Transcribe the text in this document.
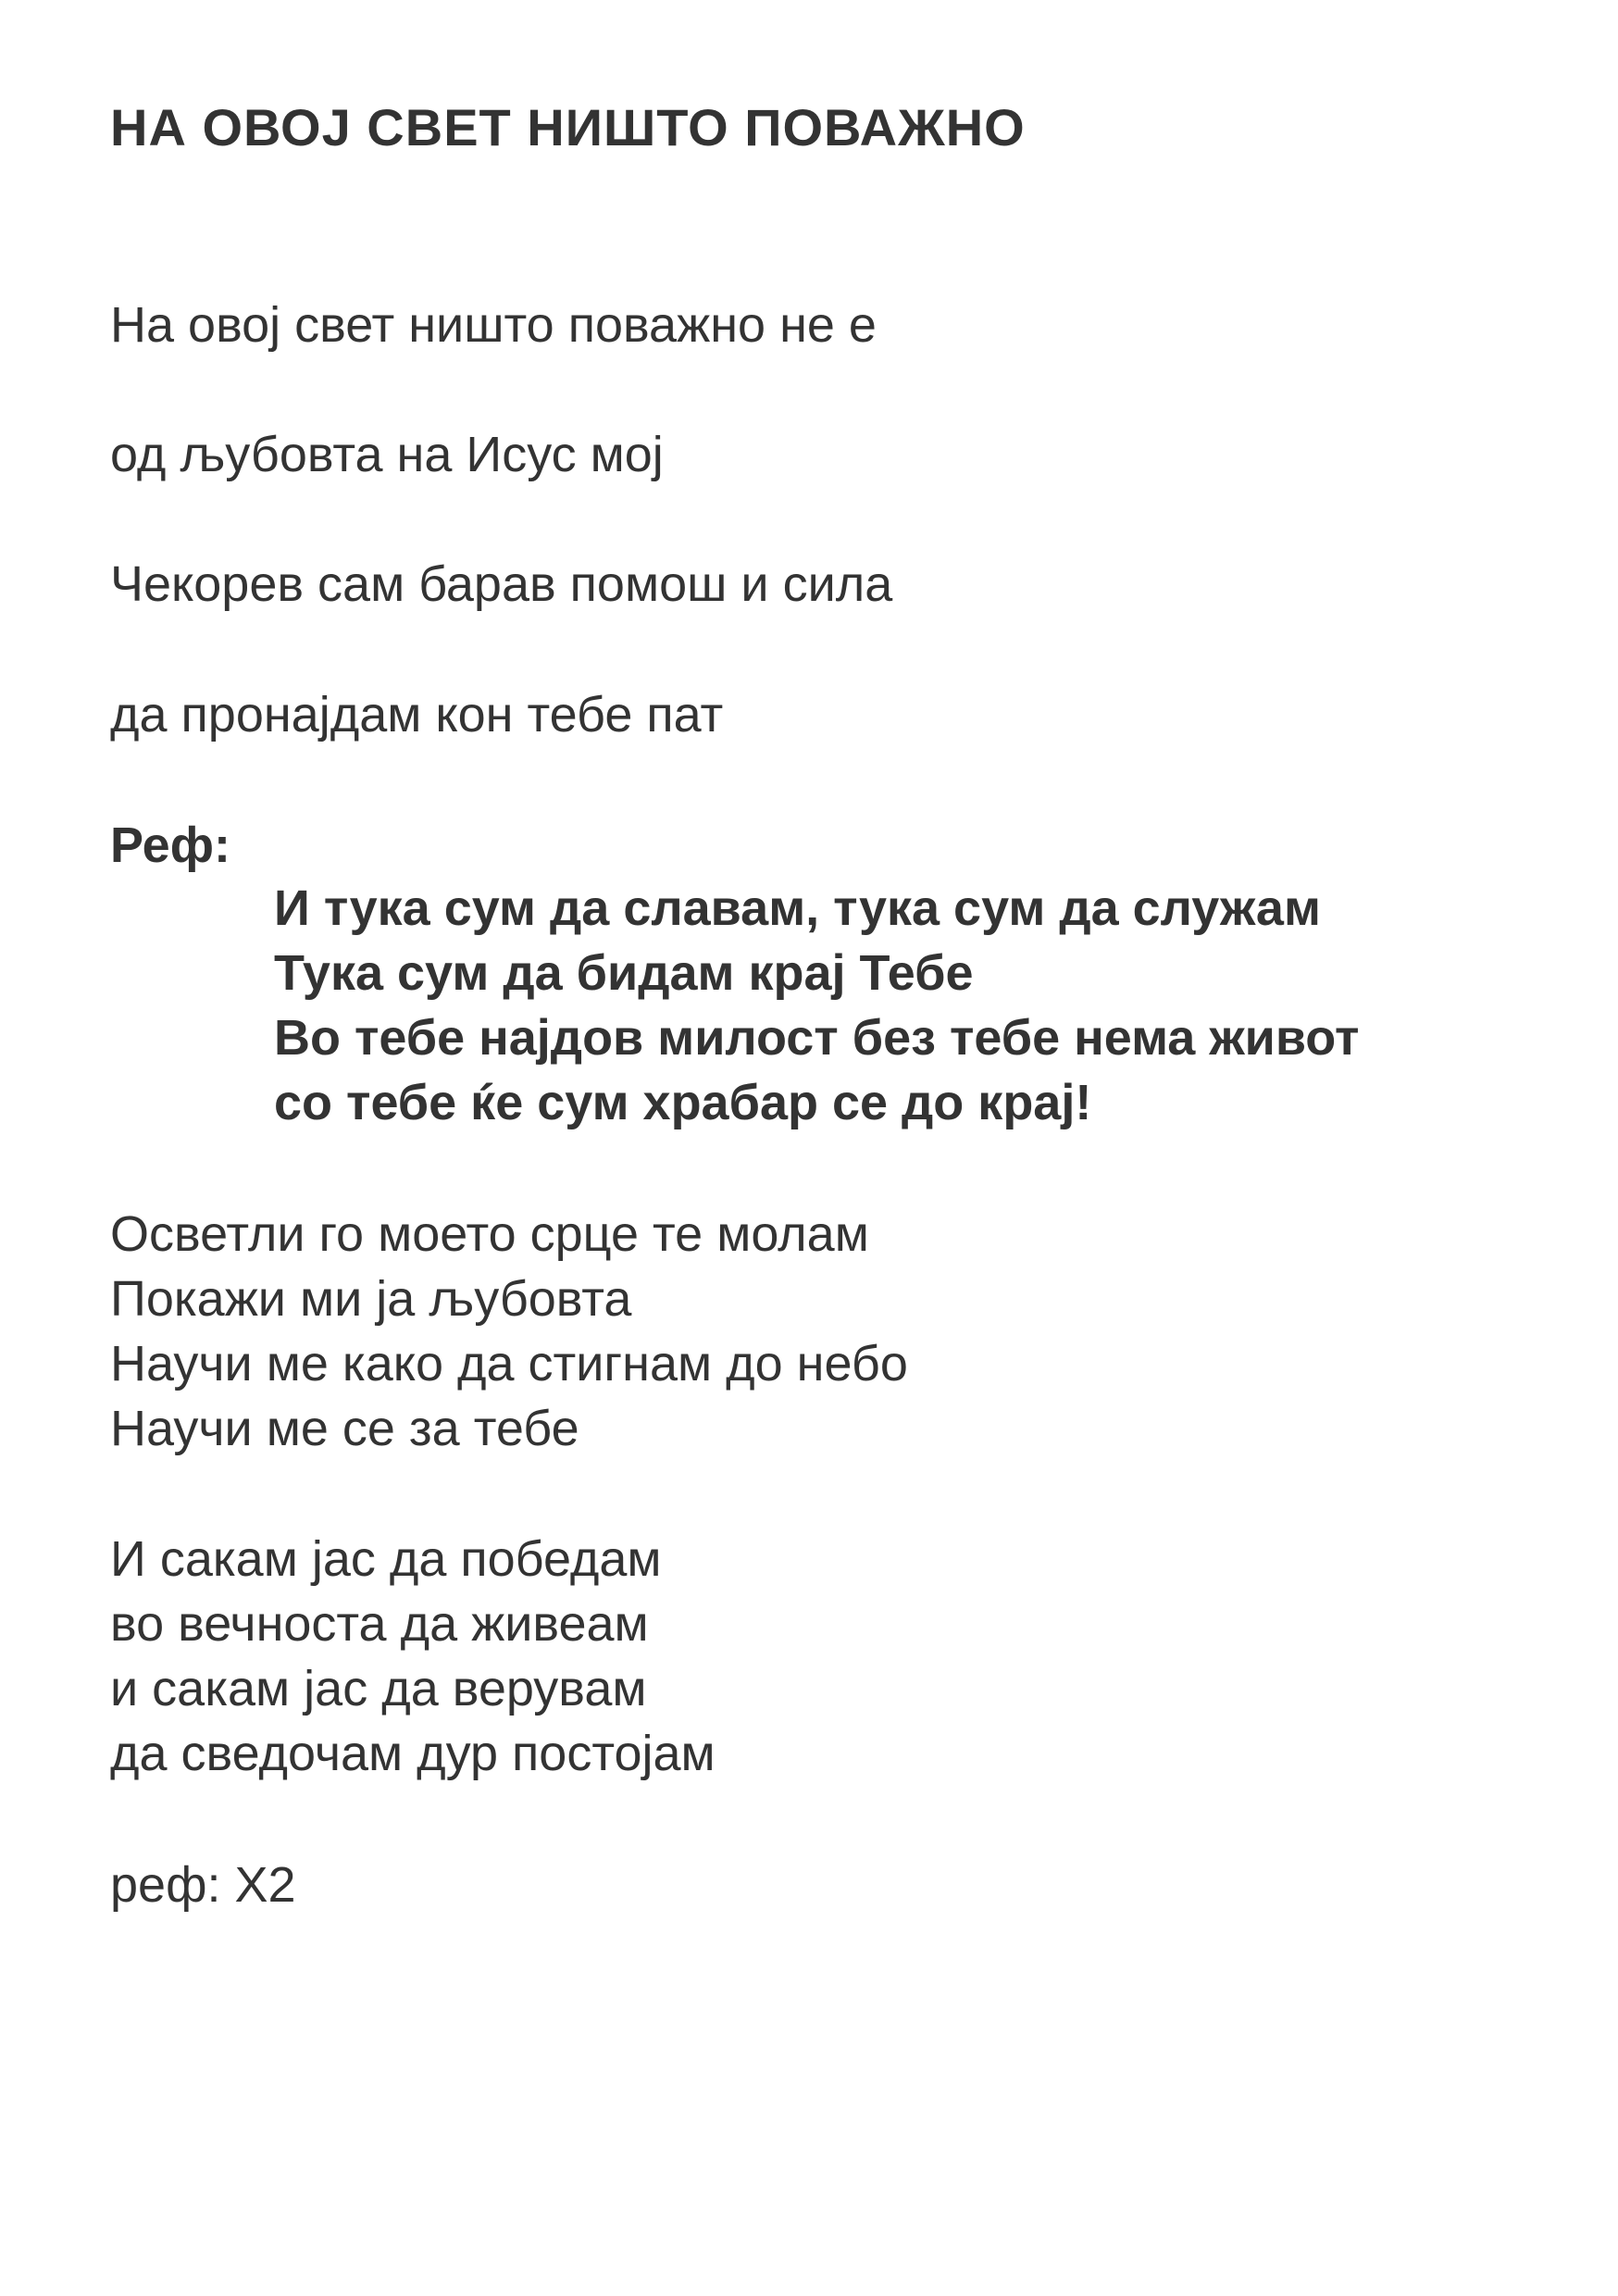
НА ОВОЈ СВЕТ НИШТО ПОВАЖНО

На овој свет ништо поважно не е

од љубовта на Исус мој

Чекорев сам барав помош и сила

да пронајдам кон тебе пат

Реф:

И тука сум да славам, тука сум да служам

Тука сум да бидам крај Тебе

Во тебе најдов милост без тебе нема живот

со тебе ќе сум храбар се до крај!

Осветли го моето срце те молам

Покажи ми ја љубовта

Научи ме како да стигнам до небо

Научи ме се за тебе

И сакам јас да победам

во вечноста да живеам

и сакам јас да верувам

да сведочам дур постојам

реф: X2
